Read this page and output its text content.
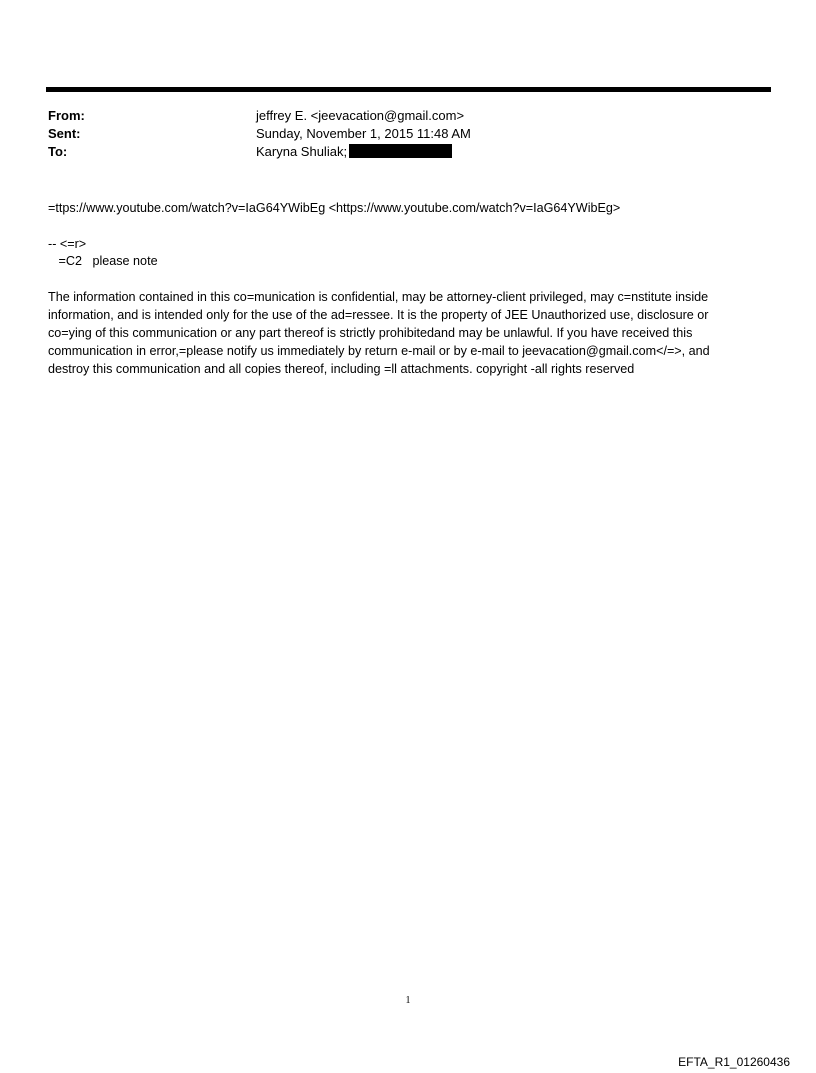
From:	jeffrey E. <jeevacation@gmail.com>
Sent:	Sunday, November 1, 2015 11:48 AM
To:	Karyna Shuliak;
=ttps://www.youtube.com/watch?v=IaG64YWibEg <https://www.youtube.com/watch?v=IaG64YWibEg>
-- <=r>
=C2   please note
The information contained in this co=munication is confidential, may be attorney-client privileged, may c=nstitute inside
information, and is intended only for the use of the ad=ressee. It is the property of JEE Unauthorized use, disclosure or
co=ying of this communication or any part thereof is strictly prohibitedand may be unlawful. If you have received this
communication in error,=please notify us immediately by return e-mail or by e-mail to jeevacation@gmail.com</=>, and
destroy this communication and all copies thereof, including =ll attachments. copyright -all rights reserved
1
EFTA_R1_01260436
